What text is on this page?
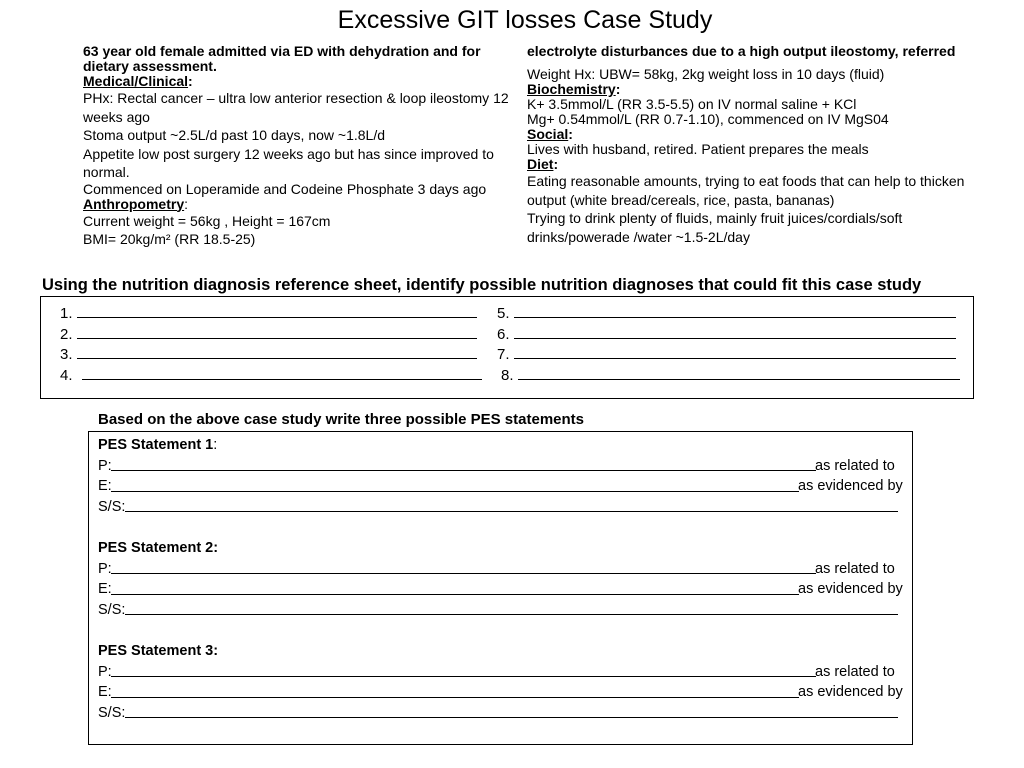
Excessive GIT losses Case Study

63 year old female admitted via ED with dehydration and for dietary assessment.

Medical/Clinical:

PHx: Rectal cancer – ultra low anterior resection & loop ileostomy 12 weeks ago

Stoma output ~2.5L/d past 10 days, now ~1.8L/d

Appetite low post surgery 12 weeks ago but has since improved to normal.

Commenced on Loperamide and Codeine Phosphate 3 days ago

Anthropometry:

Current weight = 56kg , Height = 167cm

BMI= 20kg/m² (RR 18.5-25)

electrolyte disturbances due to a high output ileostomy, referred

Weight Hx: UBW= 58kg, 2kg weight loss in 10 days (fluid)

Biochemistry:

K+ 3.5mmol/L (RR 3.5-5.5) on IV normal saline + KCl

Mg+ 0.54mmol/L (RR 0.7-1.10), commenced on IV MgS04

Social:

Lives with husband, retired. Patient prepares the meals

Diet:

Eating reasonable amounts, trying to eat foods that can help to thicken output (white bread/cereals, rice, pasta, bananas)

Trying to drink plenty of fluids, mainly fruit juices/cordials/soft drinks/powerade /water ~1.5-2L/day

Using the nutrition diagnosis reference sheet, identify possible nutrition diagnoses that could fit this case study
1.
2.
3.
4.
5.
6.
7.
8.
Based on the above case study write three possible PES statements
PES Statement 1:
P:	as related to
E:	as evidenced by
S/S:
PES Statement 2:
P:	as related to
E:	as evidenced by
S/S:
PES Statement 3:
P:	as related to
E:	as evidenced by
S/S:
